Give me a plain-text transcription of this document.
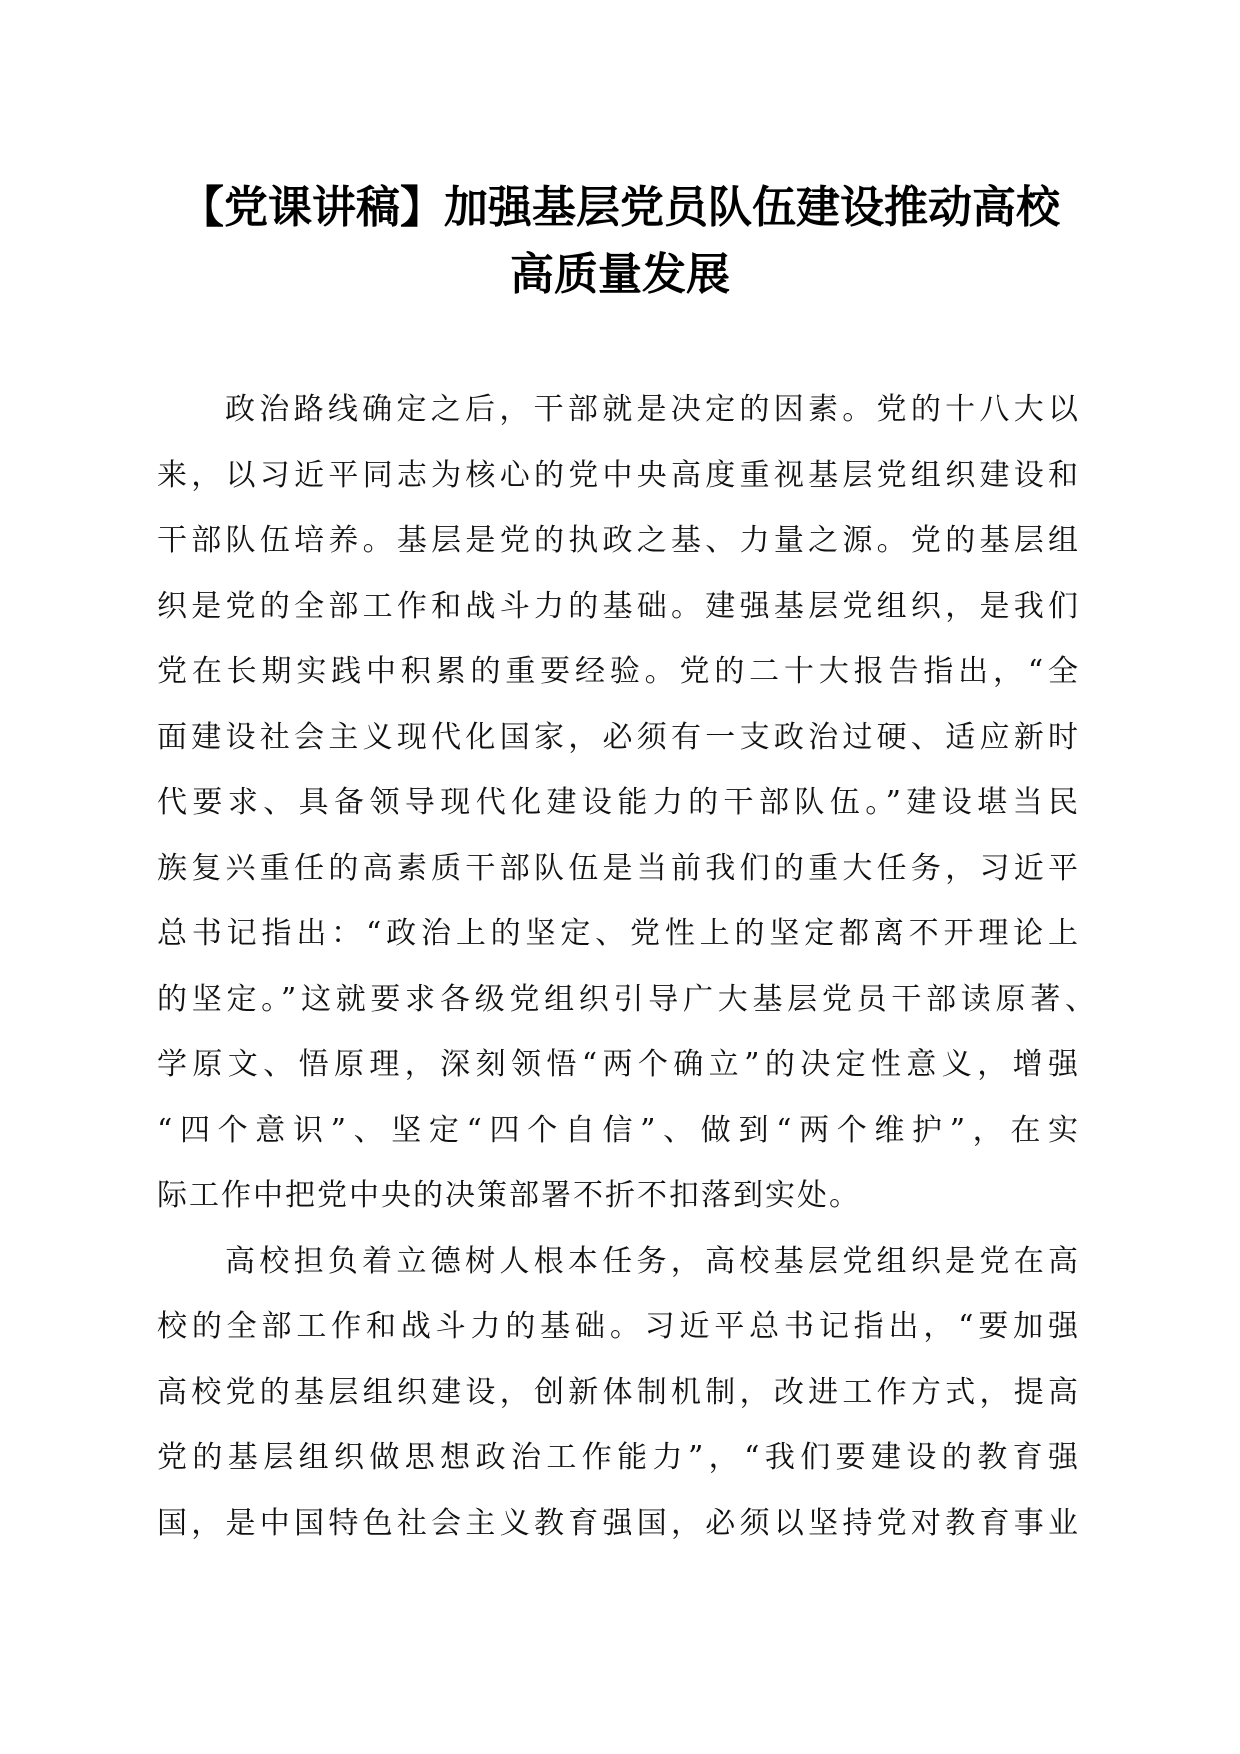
【党课讲稿】加强基层党员队伍建设推动高校
高质量发展
政治路线确定之后，干部就是决定的因素。党的十八大以
来，以习近平同志为核心的党中央高度重视基层党组织建设和
干部队伍培养。基层是党的执政之基、力量之源。党的基层组
织是党的全部工作和战斗力的基础。建强基层党组织，是我们
党在长期实践中积累的重要经验。党的二十大报告指出，“全
面建设社会主义现代化国家，必须有一支政治过硬、适应新时
代要求、具备领导现代化建设能力的干部队伍。”建设堪当民
族复兴重任的高素质干部队伍是当前我们的重大任务，习近平
总书记指出：“政治上的坚定、党性上的坚定都离不开理论上
的坚定。”这就要求各级党组织引导广大基层党员干部读原著、
学原文、悟原理，深刻领悟“两个确立”的决定性意义，增强
“四个意识”、坚定“四个自信”、做到“两个维护”，在实
际工作中把党中央的决策部署不折不扣落到实处。
高校担负着立德树人根本任务，高校基层党组织是党在高
校的全部工作和战斗力的基础。习近平总书记指出，“要加强
高校党的基层组织建设，创新体制机制，改进工作方式，提高
党的基层组织做思想政治工作能力”，“我们要建设的教育强
国，是中国特色社会主义教育强国，必须以坚持党对教育事业
